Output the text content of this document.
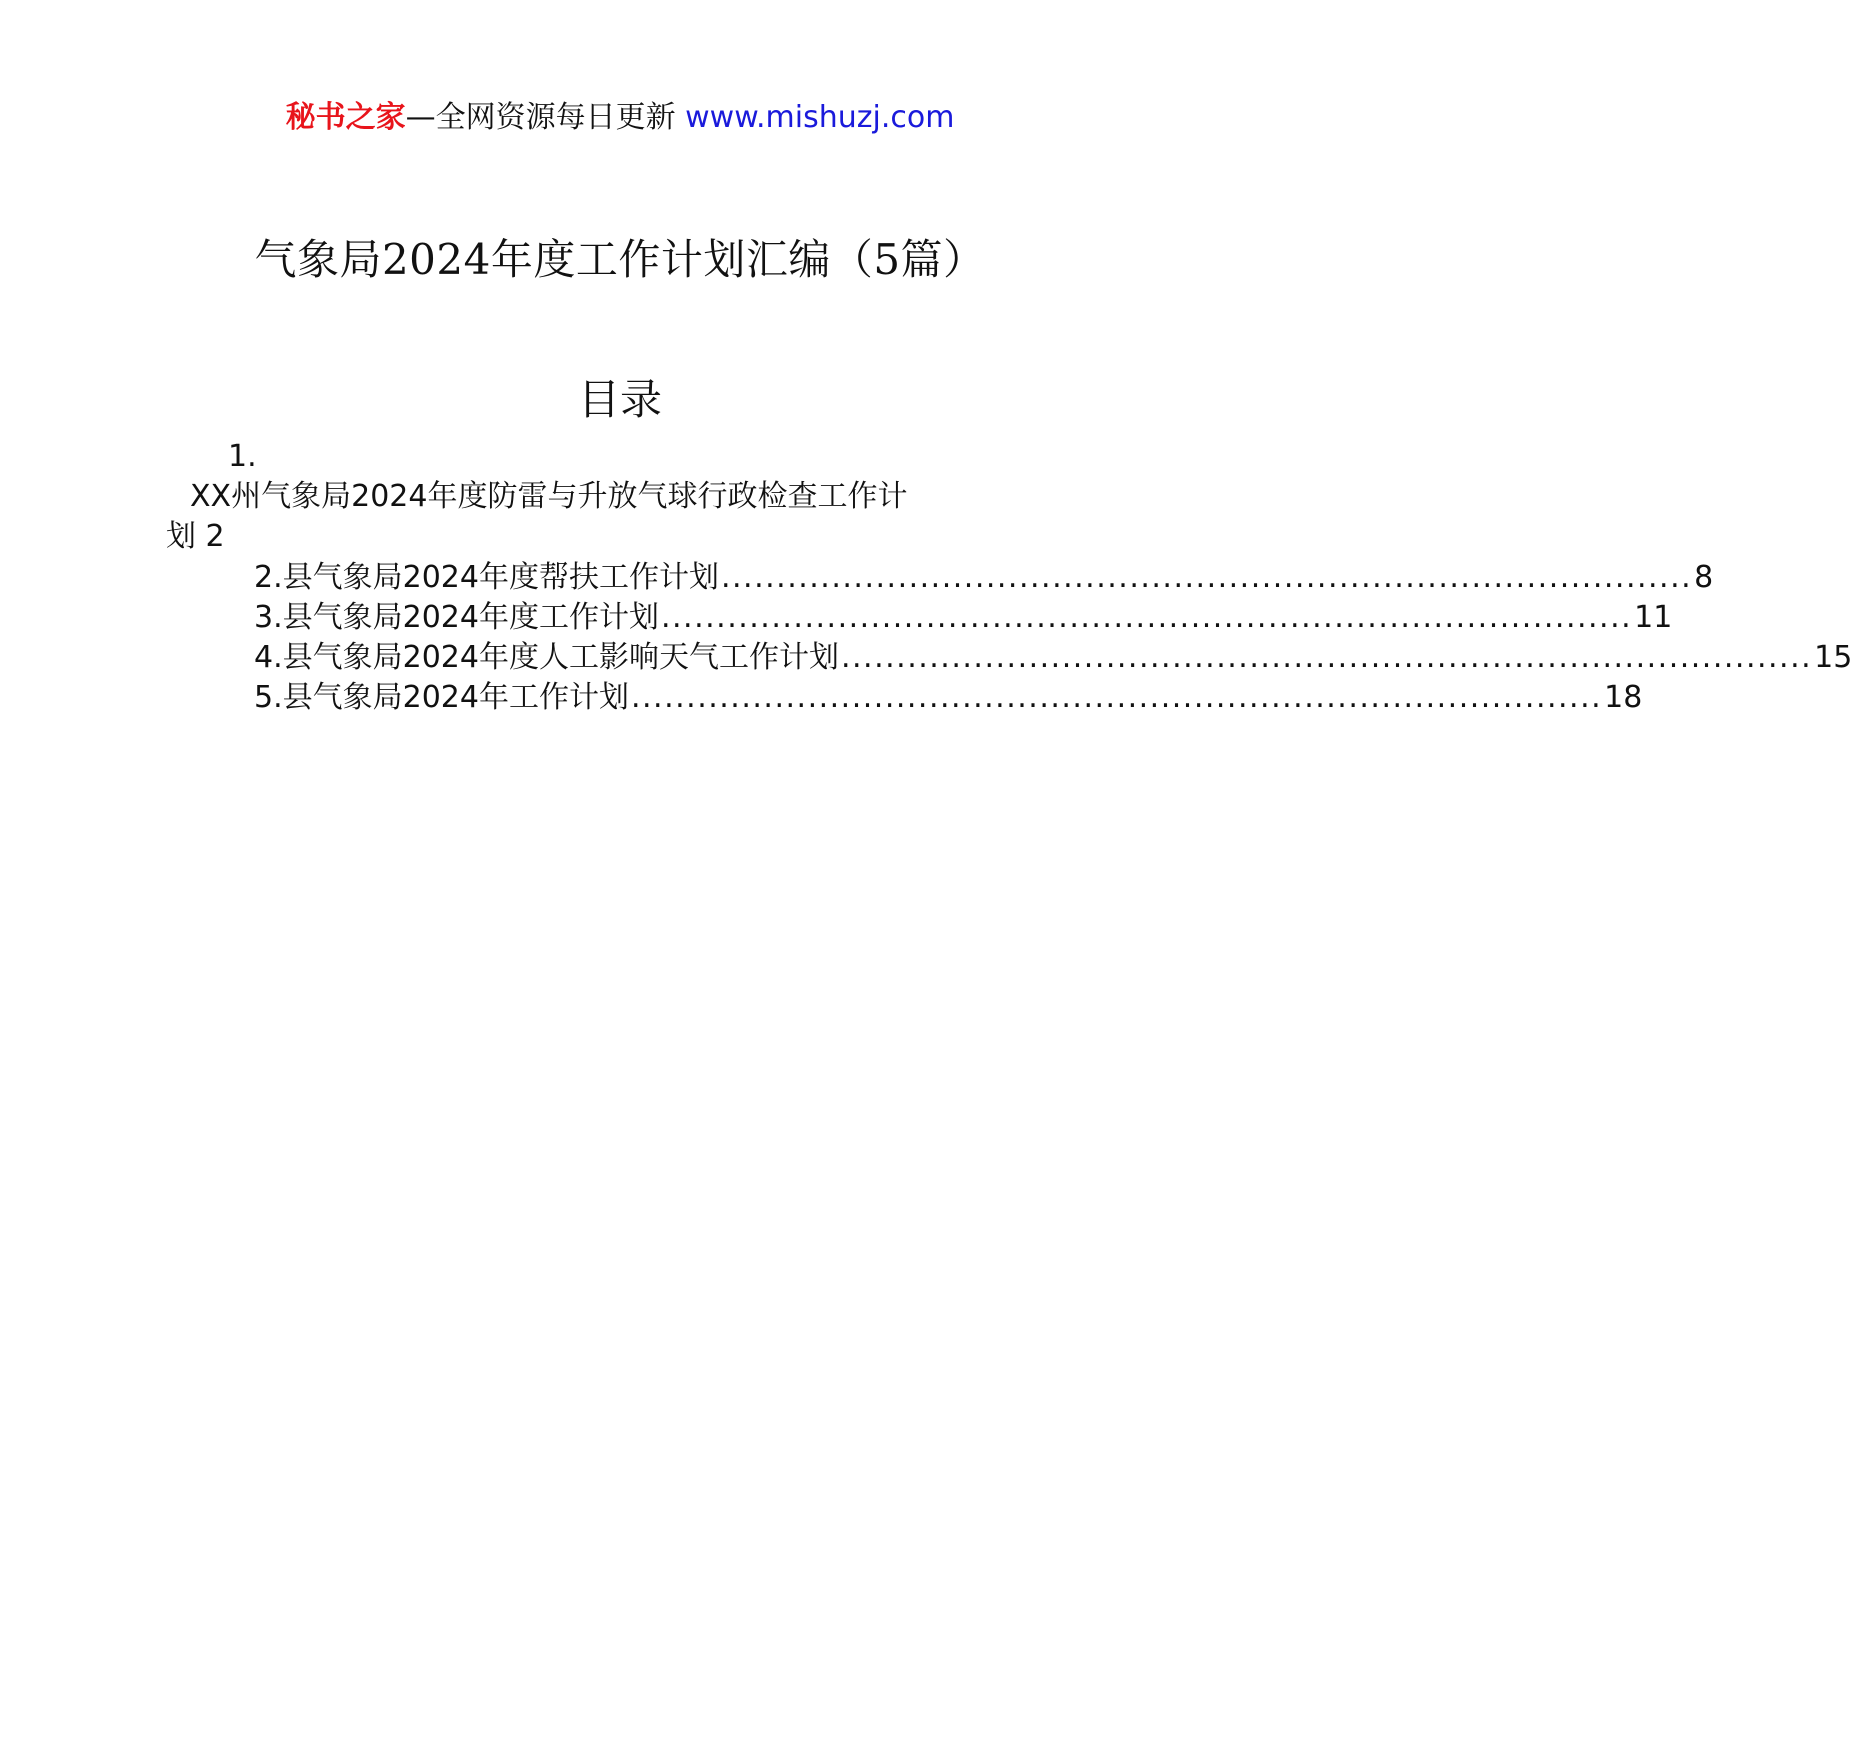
秘书之家—全网资源每日更新 www.mishuzj.com
气象局2024年度工作计划汇编（5篇）
目录
1.
XX州气象局2024年度防雷与升放气球行政检查工作计
划 2
2.县气象局2024年度帮扶工作计划 ........................................................................................ 8
3.县气象局2024年度工作计划 ........................................................................................ 11
4.县气象局2024年度人工影响天气工作计划 ........................................................................................ 15
5.县气象局2024年工作计划 ........................................................................................ 18
